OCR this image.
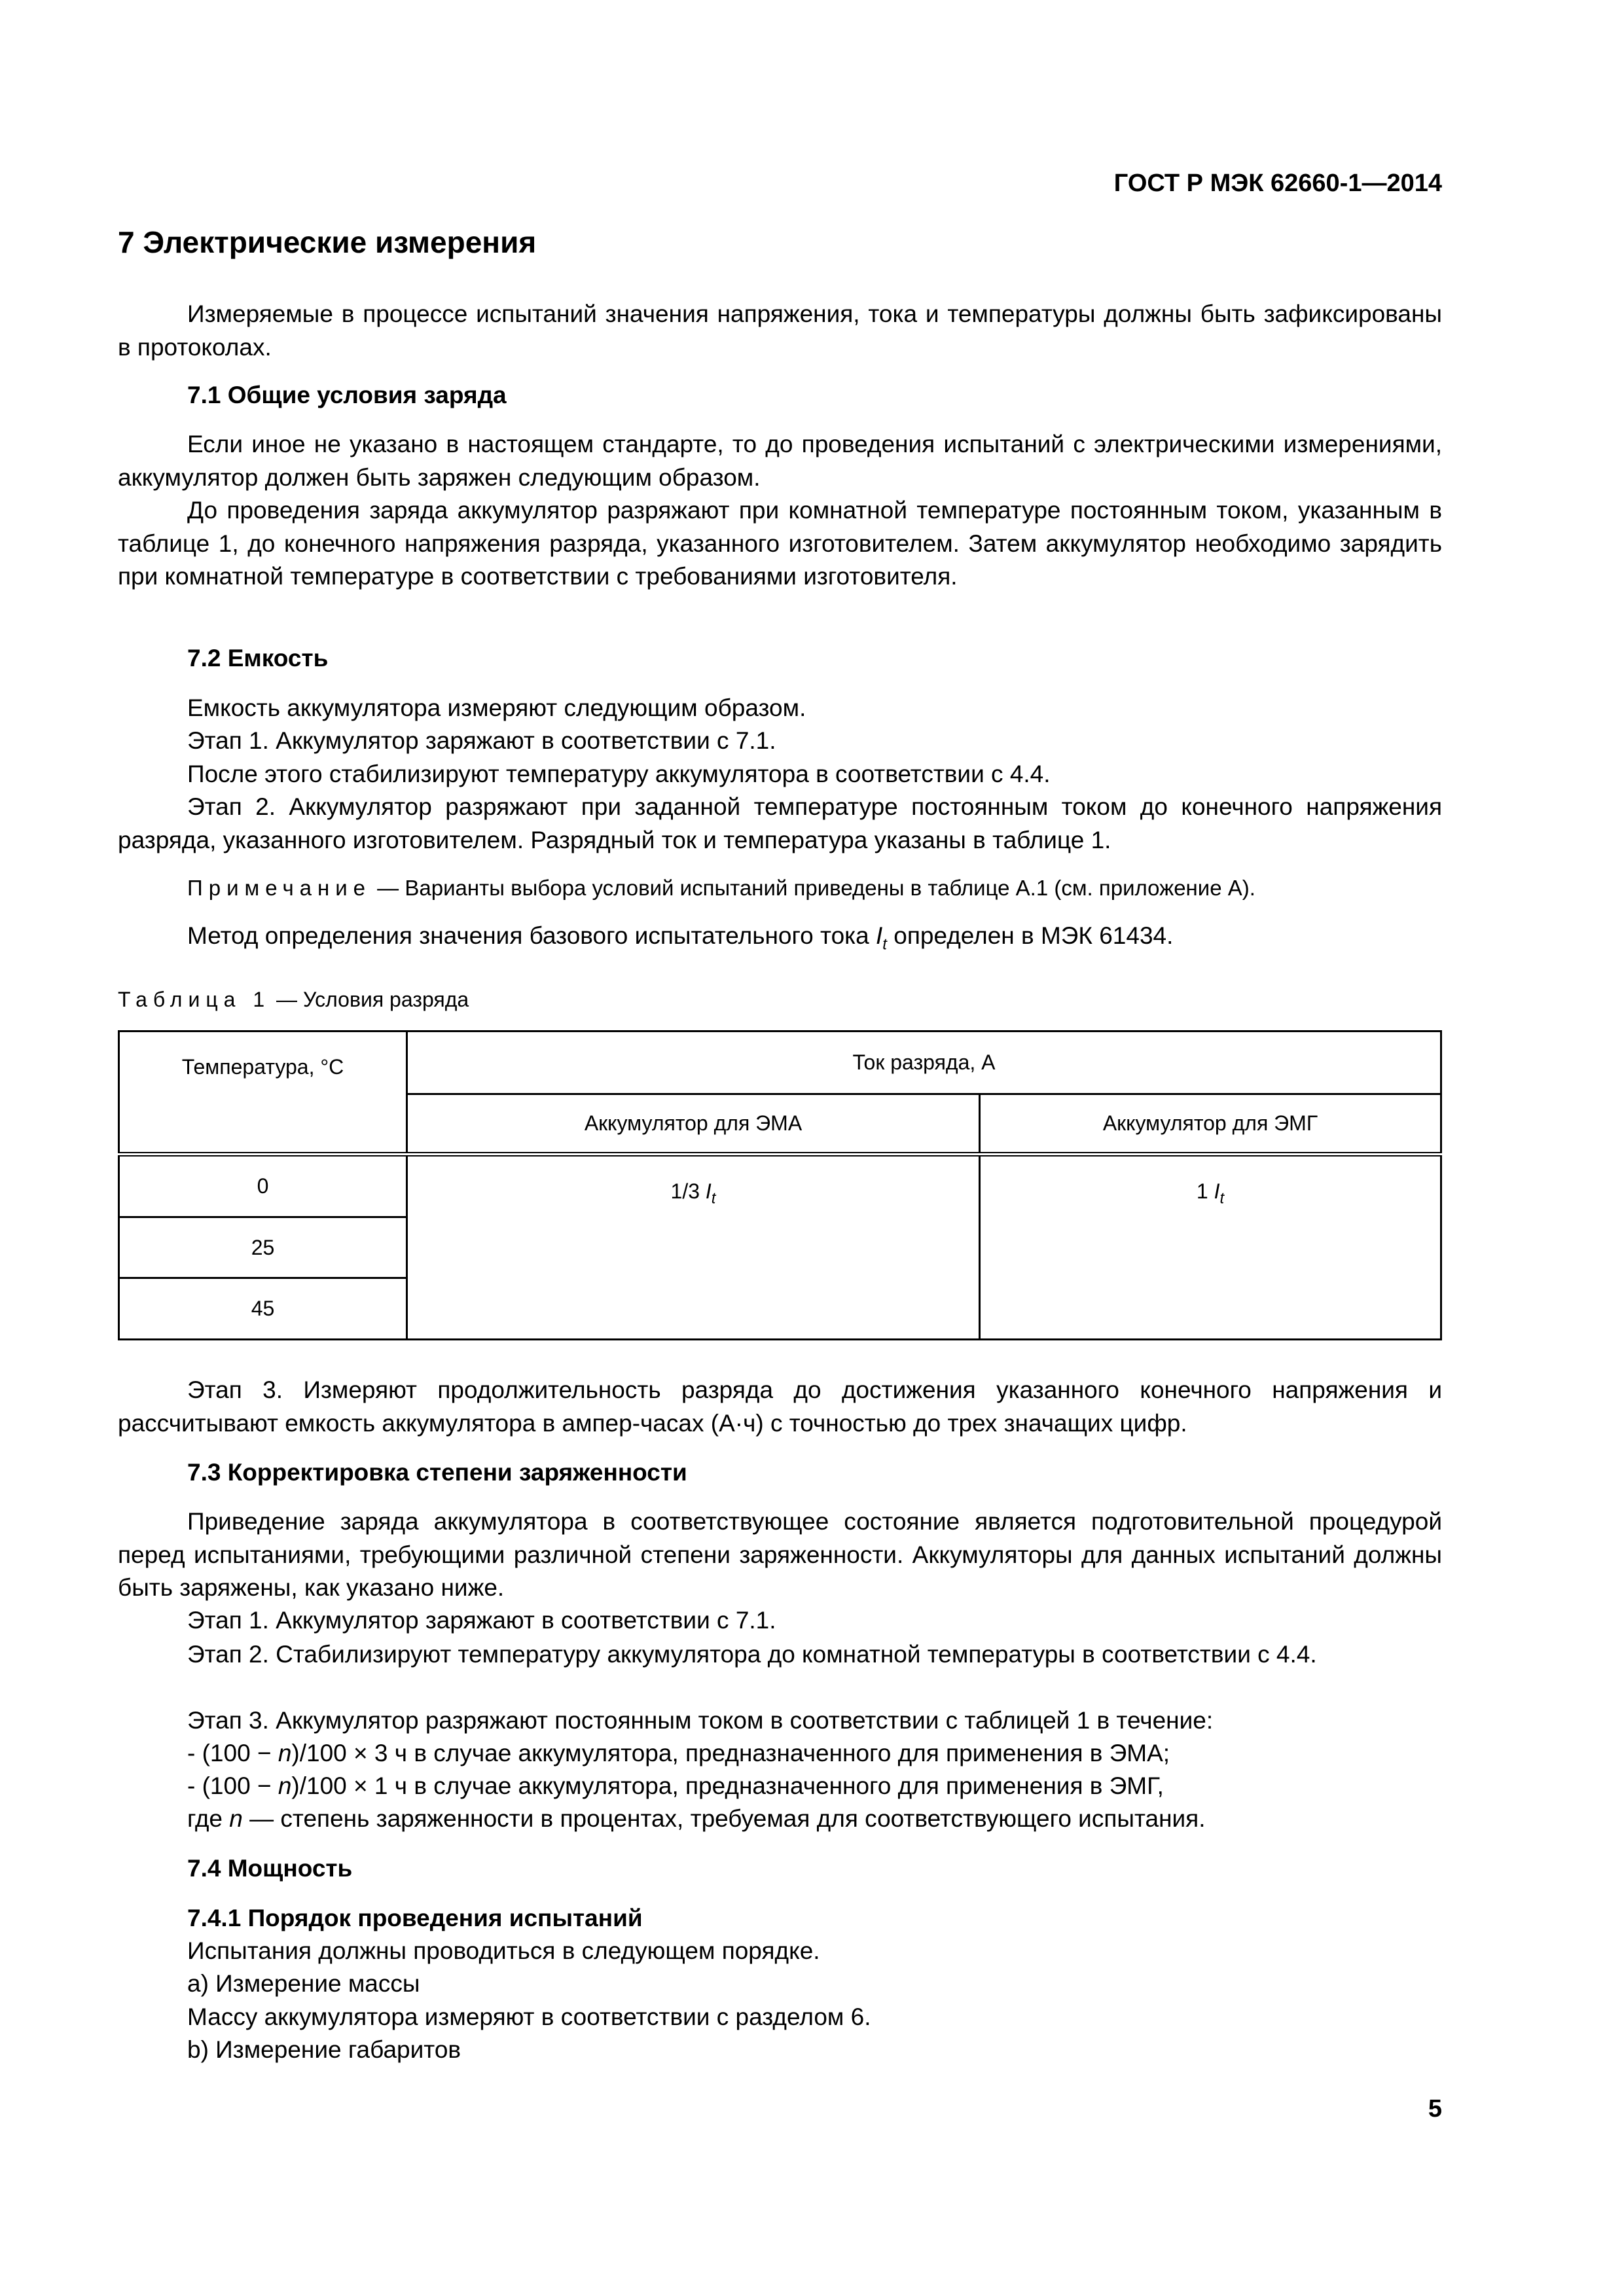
ГОСТ Р МЭК 62660-1—2014
7 Электрические измерения
Измеряемые в процессе испытаний значения напряжения, тока и температуры должны быть зафиксированы в протоколах.
7.1 Общие условия заряда
Если иное не указано в настоящем стандарте, то до проведения испытаний с электрическими измерениями, аккумулятор должен быть заряжен следующим образом.
До проведения заряда аккумулятор разряжают при комнатной температуре постоянным током, указанным в таблице 1, до конечного напряжения разряда, указанного изготовителем. Затем аккумулятор необходимо зарядить при комнатной температуре в соответствии с требованиями изготовителя.
7.2 Емкость
Емкость аккумулятора измеряют следующим образом.
Этап 1. Аккумулятор заряжают в соответствии с 7.1.
После этого стабилизируют температуру аккумулятора в соответствии с 4.4.
Этап 2. Аккумулятор разряжают при заданной температуре постоянным током до конечного напряжения разряда, указанного изготовителем. Разрядный ток и температура указаны в таблице 1.
Примечание — Варианты выбора условий испытаний приведены в таблице А.1 (см. приложение А).
Метод определения значения базового испытательного тока $I_t$ определен в МЭК 61434.
Таблица 1 — Условия разряда
Температура, °C	Ток разряда, А	
	Аккумулятор для ЭМА	Аккумулятор для ЭМГ
0	1/3 $I_t$	1 $I_t$
25		
45		
Этап 3. Измеряют продолжительность разряда до достижения указанного конечного напряжения и рассчитывают емкость аккумулятора в ампер-часах (А·ч) с точностью до трех значащих цифр.
7.3 Корректировка степени заряженности
Приведение заряда аккумулятора в соответствующее состояние является подготовительной процедурой перед испытаниями, требующими различной степени заряженности. Аккумуляторы для данных испытаний должны быть заряжены, как указано ниже.
Этап 1. Аккумулятор заряжают в соответствии с 7.1.
Этап 2. Стабилизируют температуру аккумулятора до комнатной температуры в соответствии с 4.4.
Этап 3. Аккумулятор разряжают постоянным током в соответствии с таблицей 1 в течение:
- (100 − n)/100 × 3 ч в случае аккумулятора, предназначенного для применения в ЭМА;
- (100 − n)/100 × 1 ч в случае аккумулятора, предназначенного для применения в ЭМГ,
где n — степень заряженности в процентах, требуемая для соответствующего испытания.
7.4 Мощность
7.4.1 Порядок проведения испытаний
Испытания должны проводиться в следующем порядке.
a) Измерение массы
Массу аккумулятора измеряют в соответствии с разделом 6.
b) Измерение габаритов
5
